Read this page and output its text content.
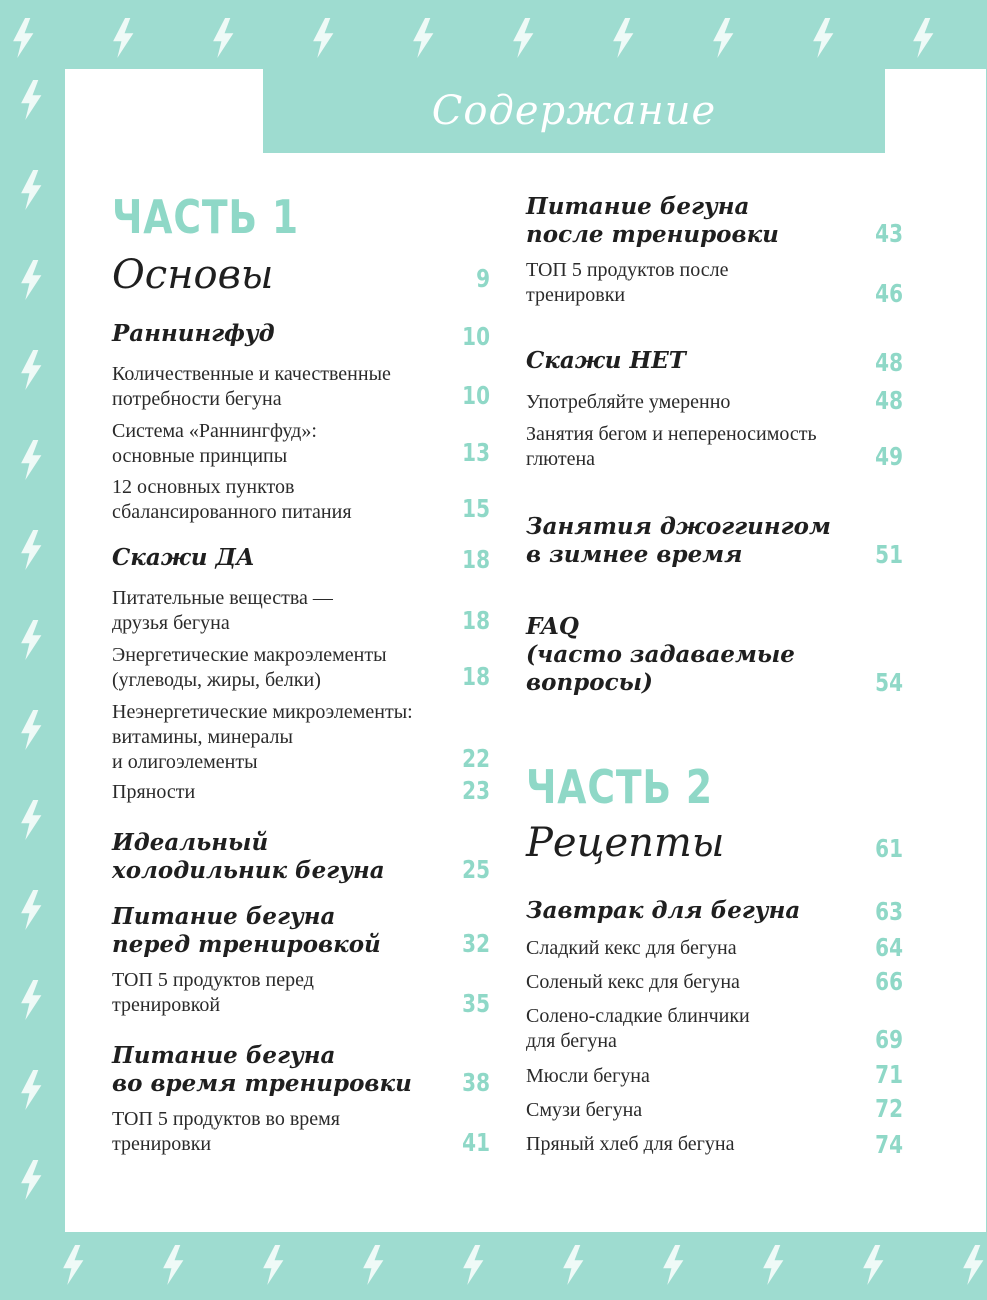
Содержание
ЧАСТЬ 1
Основы	9
Раннингфуд	10
Количественные и качественные
потребности бегуна	10
Система «Раннингфуд»:
основные принципы	13
12 основных пунктов
сбалансированного питания	15
Скажи ДА	18
Питательные вещества —
друзья бегуна	18
Энергетические макроэлементы
(углеводы, жиры, белки)	18
Неэнергетические микроэлементы:
витамины, минералы
и олигоэлементы	22
Пряности	23
Идеальный
холодильник бегуна	25
Питание бегуна
перед тренировкой	32
ТОП 5 продуктов перед
тренировкой	35
Питание бегуна
во время тренировки	38
ТОП 5 продуктов во время
тренировки	41
Питание бегуна
после тренировки	43
ТОП 5 продуктов после
тренировки	46
Скажи НЕТ	48
Употребляйте умеренно	48
Занятия бегом и непереносимость
глютена	49
Занятия джоггингом
в зимнее время	51
FAQ
(часто задаваемые
вопросы)	54
ЧАСТЬ 2
Рецепты	61
Завтрак для бегуна	63
Сладкий кекс для бегуна	64
Соленый кекс для бегуна	66
Солено-сладкие блинчики
для бегуна	69
Мюсли бегуна	71
Смузи бегуна	72
Пряный хлеб для бегуна	74
